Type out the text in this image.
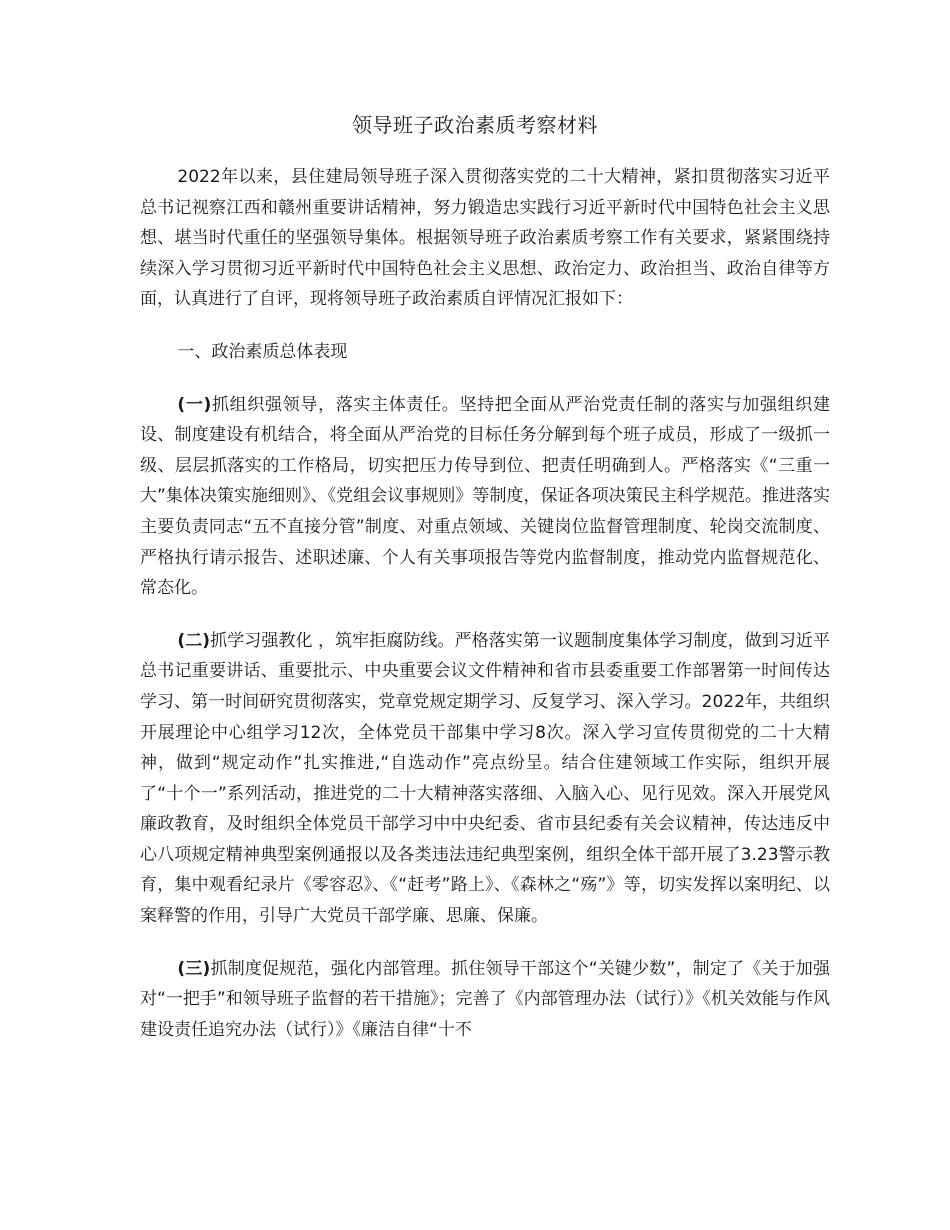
领导班子政治素质考察材料

2022年以来，县住建局领导班子深入贯彻落实党的二十大精神，紧扣贯彻落实习近平总书记视察江西和赣州重要讲话精神，努力锻造忠实践行习近平新时代中国特色社会主义思想、堪当时代重任的坚强领导集体。根据领导班子政治素质考察工作有关要求，紧紧围绕持续深入学习贯彻习近平新时代中国特色社会主义思想、政治定力、政治担当、政治自律等方面，认真进行了自评，现将领导班子政治素质自评情况汇报如下：

一、政治素质总体表现

(一)抓组织强领导，落实主体责任。坚持把全面从严治党责任制的落实与加强组织建设、制度建设有机结合，将全面从严治党的目标任务分解到每个班子成员，形成了一级抓一级、层层抓落实的工作格局，切实把压力传导到位、把责任明确到人。严格落实《“三重一大”集体决策实施细则》、《党组会议事规则》等制度，保证各项决策民主科学规范。推进落实主要负责同志“五不直接分管”制度、对重点领域、关键岗位监督管理制度、轮岗交流制度、严格执行请示报告、述职述廉、个人有关事项报告等党内监督制度，推动党内监督规范化、常态化。

(二)抓学习强教化 ，筑牢拒腐防线。严格落实第一议题制度集体学习制度，做到习近平总书记重要讲话、重要批示、中央重要会议文件精神和省市县委重要工作部署第一时间传达学习、第一时间研究贯彻落实，党章党规定期学习、反复学习、深入学习。2022年，共组织开展理论中心组学习12次，全体党员干部集中学习8次。深入学习宣传贯彻党的二十大精神，做到“规定动作”扎实推进,“自选动作”亮点纷呈。结合住建领域工作实际，组织开展了“十个一”系列活动，推进党的二十大精神落实落细、入脑入心、见行见效。深入开展党风廉政教育，及时组织全体党员干部学习中中央纪委、省市县纪委有关会议精神，传达违反中心八项规定精神典型案例通报以及各类违法违纪典型案例，组织全体干部开展了3.23警示教育，集中观看纪录片《零容忍》、《“赶考”路上》、《森林之“殇”》等，切实发挥以案明纪、以案释警的作用，引导广大党员干部学廉、思廉、保廉。

(三)抓制度促规范，强化内部管理。抓住领导干部这个“关键少数”，制定了《关于加强对“一把手”和领导班子监督的若干措施》；完善了《内部管理办法（试行）》《机关效能与作风建设责任追究办法（试行）》《廉洁自律“十不
